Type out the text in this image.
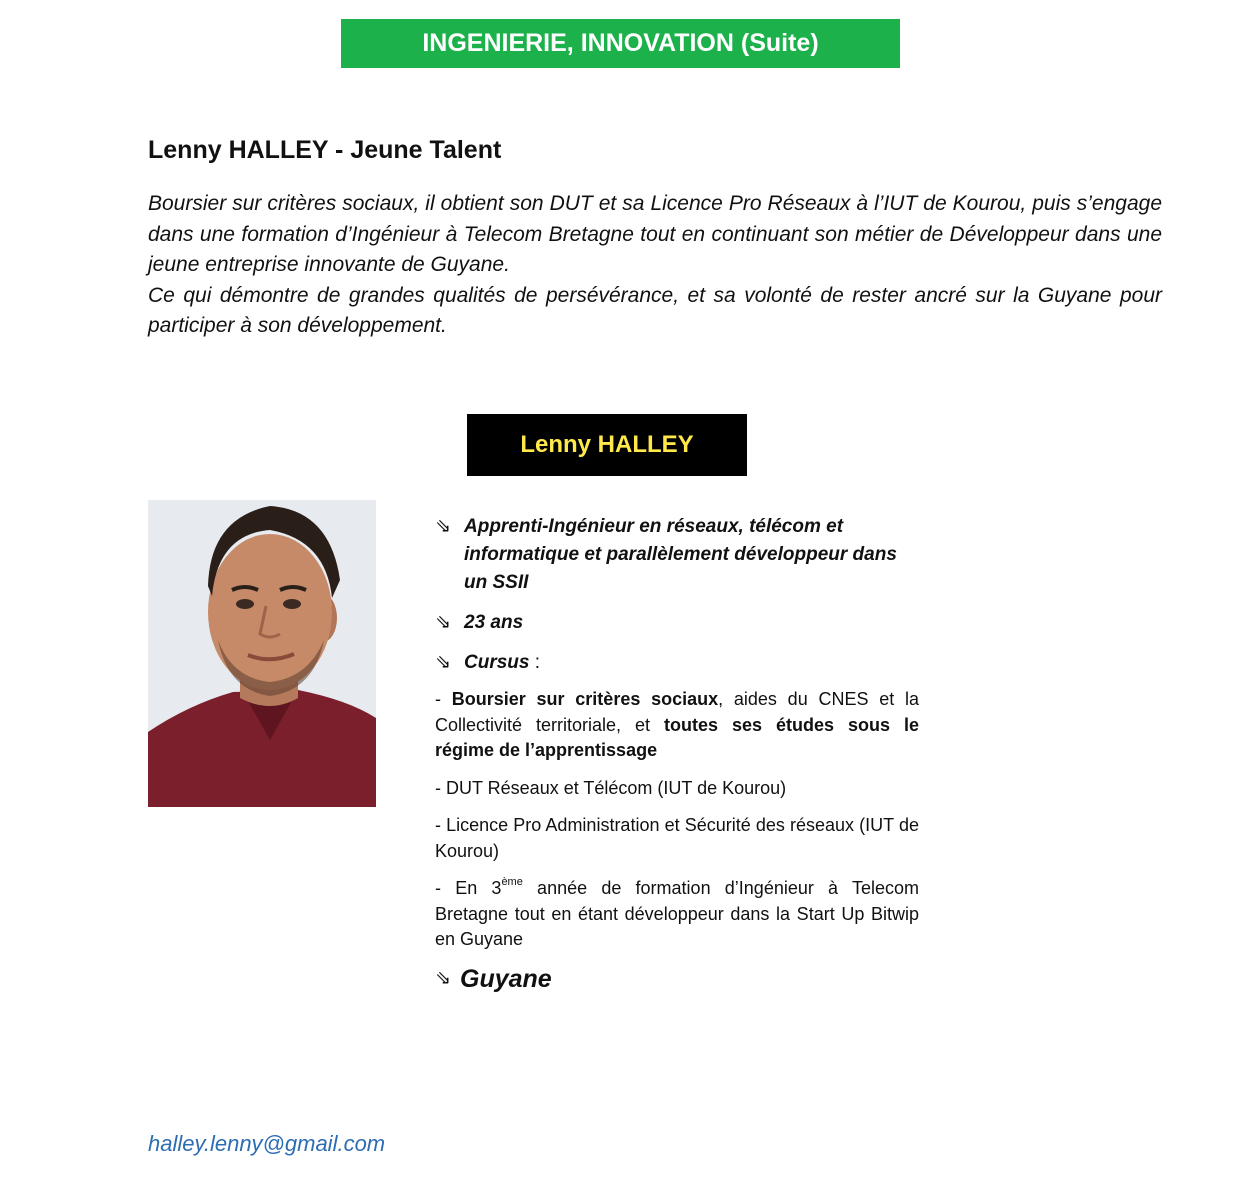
INGENIERIE, INNOVATION (Suite)
Lenny HALLEY - Jeune Talent

Boursier sur critères sociaux, il obtient son DUT et sa Licence Pro Réseaux à l’IUT de Kourou, puis s’engage dans une formation d’Ingénieur à Telecom Bretagne tout en continuant son métier de Développeur dans une jeune entreprise innovante de Guyane.

Ce qui démontre de grandes qualités de persévérance, et sa volonté de rester ancré sur la Guyane pour participer à son développement.

Lenny HALLEY
⇘ Apprenti-Ingénieur en réseaux, télécom et informatique et parallèlement développeur dans un SSII
⇘ 23 ans
⇘ Cursus :

- Boursier sur critères sociaux, aides du CNES et la Collectivité territoriale, et toutes ses études sous le régime de l’apprentissage

- DUT Réseaux et Télécom (IUT de Kourou)

- Licence Pro Administration et Sécurité des réseaux (IUT de Kourou)

- En 3ème année de formation d’Ingénieur à Telecom Bretagne tout en étant développeur dans la Start Up Bitwip en Guyane

⇘ Guyane
halley.lenny@gmail.com
